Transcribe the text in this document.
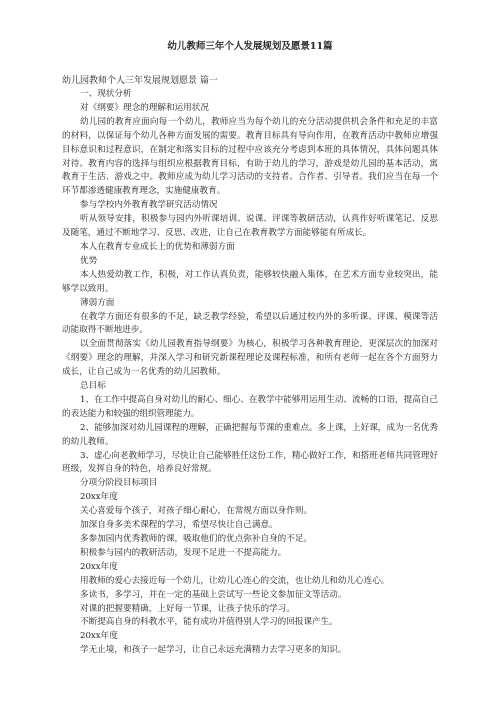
幼儿教师三年个人发展规划及愿景11篇

幼儿园教师个人三年发展规划愿景 篇一

一、现状分析

对《纲要》理念的理解和运用状况

幼儿园的教育应面向每一个幼儿，教师应当为每个幼儿的充分活动提供机会条件和充足的丰富的材料，以保证每个幼儿各种方面发展的需要。教育目标具有导向作用，在教育活动中教师应增强目标意识和过程意识，在制定和落实目标的过程中应该充分考虑到本班的具体情况，具体问题具体对待。教育内容的选择与组织应根据教育目标，有助于幼儿的学习，游戏是幼儿园的基本活动，寓教育于生活、游戏之中。教师应成为幼儿学习活动的支持者、合作者、引导者。我们应当在每一个环节都渗透健康教育理念，实施健康教育。

参与学校内外教育教学研究活动情况

听从领导安排，积极参与园内外听课培训、说课、评课等教研活动，认真作好听课笔记、反思及随笔，通过不断地学习、反思、改进，让自己在教育教学方面能够能有所成长。

本人在教育专业成长上的优势和薄弱方面

优势

本人热爱幼教工作，积极，对工作认真负责，能够较快融入集体，在艺术方面专业较突出，能够学以致用。

薄弱方面

在教学方面还有很多的不足，缺乏教学经验，希望以后通过校内外的多听课、评课、模课等活动能取得不断地进步。

以全面贯彻落实《幼儿园教育指导纲要》为核心，积极学习各种教育理论，更深层次的加深对《纲要》理念的理解，并深入学习和研究新课程理论及课程标准，和所有老师一起在各个方面努力成长，让自己成为一名优秀的幼儿园教师。

总目标

1、在工作中提高自身对幼儿的耐心、细心、在教学中能够用运用生动、流畅的口语，提高自己的表达能力和较强的组织管理能力。

2、能够加深对幼儿园课程的理解，正确把握每节课的重难点。多上课，上好课，成为一名优秀的幼儿教师。

3、虚心向老教师学习，尽快让自己能够胜任这份工作，精心做好工作，和搭班老师共同管理好班级，发挥自身的特色，培养良好常规。

分项分阶段目标项目

20xx年度

关心喜爱每个孩子，对孩子细心耐心，在常规方面以身作则。

加深自身多美术课程的学习，希望尽快让自己满意。

多参加园内优秀教师的课，吸取他们的优点弥补自身的不足。

积极参与园内的教研活动，发现不足进一不提高能力。

20xx年度

用教师的爱心去接近每一个幼儿，让幼儿心连心的交流，也让幼儿和幼儿心连心。

多读书，多学习，并在一定的基础上尝试写一些论文参加征文等活动。

对课的把握要精确，上好每一节课，让孩子快乐的学习。

不断提高自身的科教水平，能有成功并值得别人学习的回报课产生。

20xx年度

学无止境，和孩子一起学习，让自己永远充满精力去学习更多的知识。
